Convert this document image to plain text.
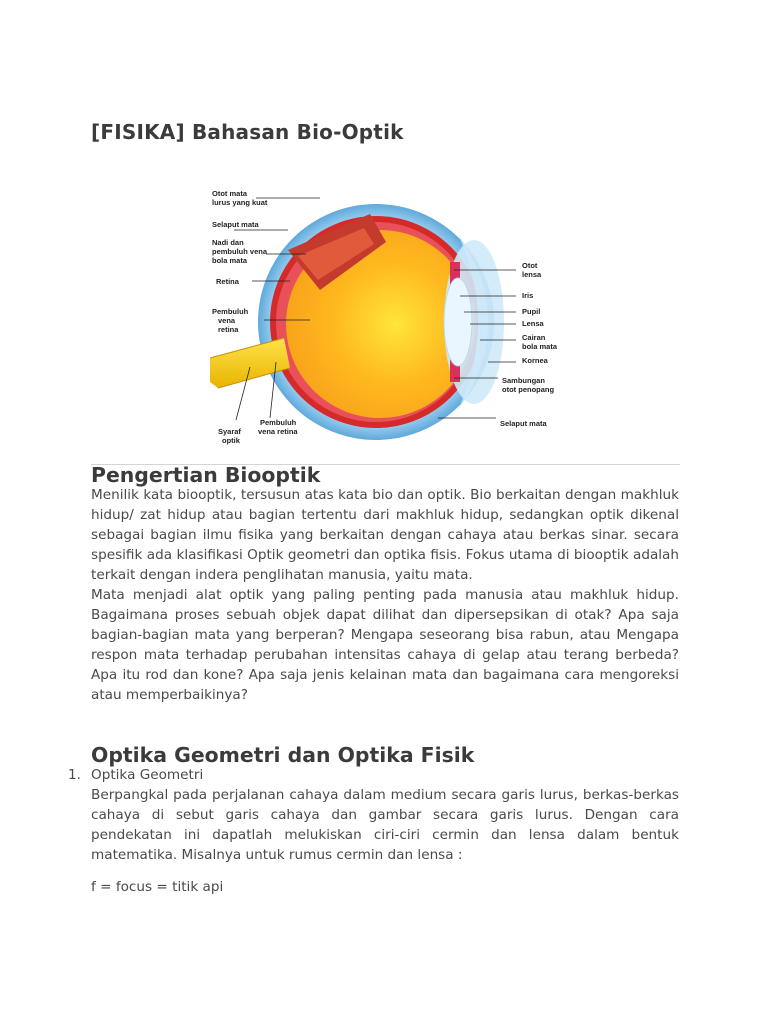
[FISIKA] Bahasan Bio-Optik
Otot mata lurus yang kuat
Selaput mata
Nadi dan pembuluh vena bola mata
Retina
Pembuluh vena retina
Syaraf optik
Pembuluh vena retina
Otot lensa
Iris
Pupil
Lensa
Cairan bola mata
Kornea
Sambungan otot penopang
Selaput mata
Pengertian Biooptik

Menilik kata biooptik, tersusun atas kata bio dan optik. Bio berkaitan dengan makhluk hidup/ zat hidup atau bagian tertentu dari makhluk hidup, sedangkan optik dikenal sebagai bagian ilmu fisika yang berkaitan dengan cahaya atau berkas sinar. secara spesifik ada klasifikasi Optik geometri dan optika fisis. Fokus utama di biooptik adalah terkait dengan indera penglihatan manusia, yaitu mata.

Mata menjadi alat optik yang paling penting pada manusia atau makhluk hidup. Bagaimana proses sebuah objek dapat dilihat dan dipersepsikan di otak? Apa saja bagian-bagian mata yang berperan? Mengapa seseorang bisa rabun, atau Mengapa respon mata terhadap perubahan intensitas cahaya di gelap atau terang berbeda? Apa itu rod dan kone? Apa saja jenis kelainan mata dan bagaimana cara mengoreksi atau memperbaikinya?

Optika Geometri dan Optika Fisik

1. Optika Geometri

Berpangkal pada perjalanan cahaya dalam medium secara garis lurus, berkas-berkas cahaya di sebut garis cahaya dan gambar secara garis lurus. Dengan cara pendekatan ini dapatlah melukiskan ciri-ciri cermin dan lensa dalam bentuk matematika. Misalnya untuk rumus cermin dan lensa :

f = focus = titik api
